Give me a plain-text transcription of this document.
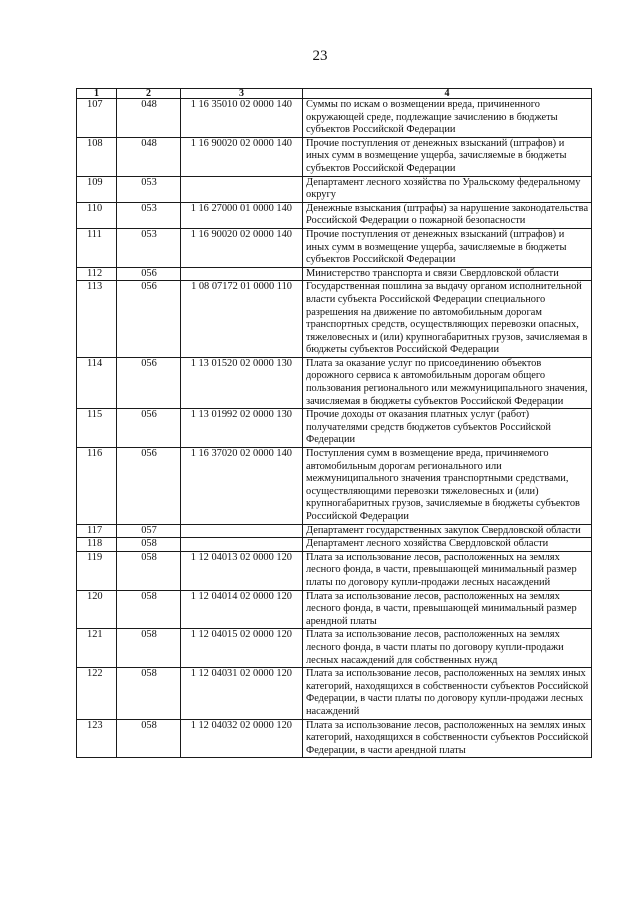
23
1	2	3	4
107	048	1 16 35010 02 0000 140	Суммы по искам о возмещении вреда, причиненного окружающей среде, подлежащие зачислению в бюджеты субъектов Российской Федерации
108	048	1 16 90020 02 0000 140	Прочие поступления от денежных взысканий (штрафов) и иных сумм в возмещение ущерба, зачисляемые в бюджеты субъектов Российской Федерации
109	053		Департамент лесного хозяйства по Уральскому федеральному округу
110	053	1 16 27000 01 0000 140	Денежные взыскания (штрафы) за нарушение законодательства Российской Федерации о пожарной безопасности
111	053	1 16 90020 02 0000 140	Прочие поступления от денежных взысканий (штрафов) и иных сумм в возмещение ущерба, зачисляемые в бюджеты субъектов Российской Федерации
112	056		Министерство транспорта и связи Свердловской области
113	056	1 08 07172 01 0000 110	Государственная пошлина за выдачу органом исполнительной власти субъекта Российской Федерации специального разрешения на движение по автомобильным дорогам транспортных средств, осуществляющих перевозки опасных, тяжеловесных и (или) крупногабаритных грузов, зачисляемая в бюджеты субъектов Российской Федерации
114	056	1 13 01520 02 0000 130	Плата за оказание услуг по присоединению объектов дорожного сервиса к автомобильным дорогам общего пользования регионального или межмуниципального значения, зачисляемая в бюджеты субъектов Российской Федерации
115	056	1 13 01992 02 0000 130	Прочие доходы от оказания платных услуг (работ) получателями средств бюджетов субъектов Российской Федерации
116	056	1 16 37020 02 0000 140	Поступления сумм в возмещение вреда, причиняемого автомобильным дорогам регионального или межмуниципального значения транспортными средствами, осуществляющими перевозки тяжеловесных и (или) крупногабаритных грузов, зачисляемые в бюджеты субъектов Российской Федерации
117	057		Департамент государственных закупок Свердловской области
118	058		Департамент лесного хозяйства Свердловской области
119	058	1 12 04013 02 0000 120	Плата за использование лесов, расположенных на землях лесного фонда, в части, превышающей минимальный размер платы по договору купли-продажи лесных насаждений
120	058	1 12 04014 02 0000 120	Плата за использование лесов, расположенных на землях лесного фонда, в части, превышающей минимальный размер арендной платы
121	058	1 12 04015 02 0000 120	Плата за использование лесов, расположенных на землях лесного фонда, в части платы по договору купли-продажи лесных насаждений для собственных нужд
122	058	1 12 04031 02 0000 120	Плата за использование лесов, расположенных на землях иных категорий, находящихся в собственности субъектов Российской Федерации, в части платы по договору купли-продажи лесных насаждений
123	058	1 12 04032 02 0000 120	Плата за использование лесов, расположенных на землях иных категорий, находящихся в собственности субъектов Российской Федерации, в части арендной платы
